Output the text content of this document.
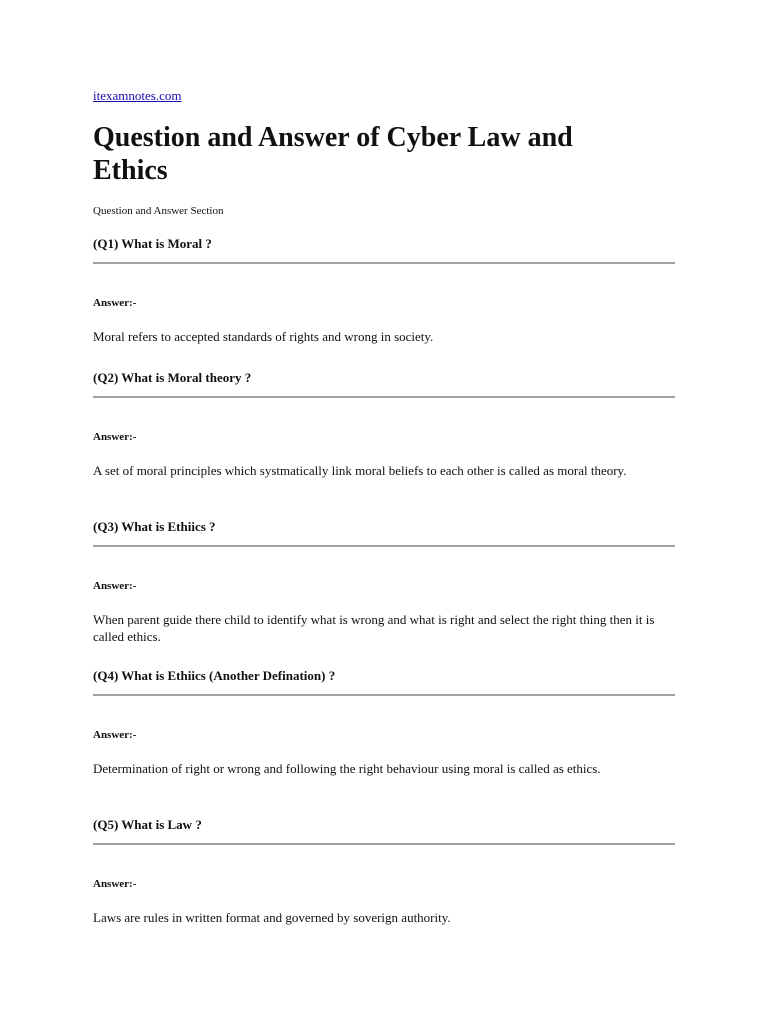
itexamnotes.com
Question and Answer of Cyber Law and Ethics
Question and Answer Section
(Q1) What is Moral ?
Answer:-
Moral refers to accepted standards of rights and wrong in society.
(Q2) What is Moral theory ?
Answer:-
A set of moral principles which systmatically link moral beliefs to each other is called as moral theory.
(Q3) What is Ethiics ?
Answer:-
When parent guide there child to identify what is wrong and what is right and select the right thing then it is called ethics.
(Q4) What is Ethiics (Another Defination) ?
Answer:-
Determination of right or wrong and following the right behaviour using moral is called as ethics.
(Q5) What is Law ?
Answer:-
Laws are rules in written format and governed by soverign authority.
